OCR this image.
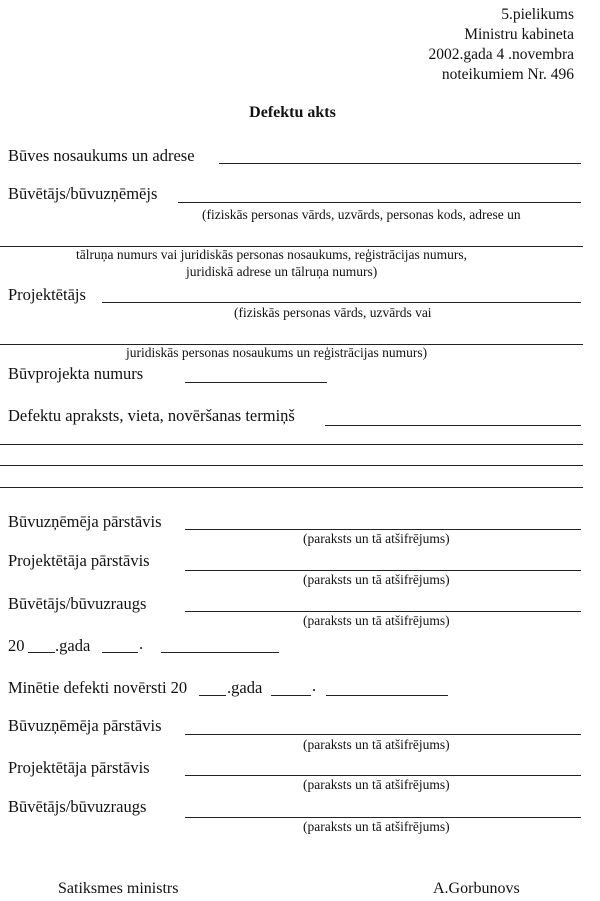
5.pielikums
Ministru kabineta
2002.gada 4 .novembra
noteikumiem Nr. 496
Defektu akts
Būves nosaukums un adrese
Būvētājs/būvuzņēmējs
(fiziskās personas vārds, uzvārds, personas kods, adrese un
tālruņa numurs vai juridiskās personas nosaukums, reģistrācijas numurs,
juridiskā adrese un tālruņa numurs)
Projektētājs
(fiziskās personas vārds, uzvārds vai
juridiskās personas nosaukums un reģistrācijas numurs)
Būvprojekta numurs
Defektu apraksts, vieta, novēršanas termiņš
Būvuzņēmēja pārstāvis
(paraksts un tā atšifrējums)
Projektētāja pārstāvis
(paraksts un tā atšifrējums)
Būvētājs/būvuzraugs
(paraksts un tā atšifrējums)
20 .gada	.
Minētie defekti novērsti 20 .gada	.
Būvuzņēmēja pārstāvis
(paraksts un tā atšifrējums)
Projektētāja pārstāvis
(paraksts un tā atšifrējums)
Būvētājs/būvuzraugs
(paraksts un tā atšifrējums)
Satiksmes ministrs	A.Gorbunovs
